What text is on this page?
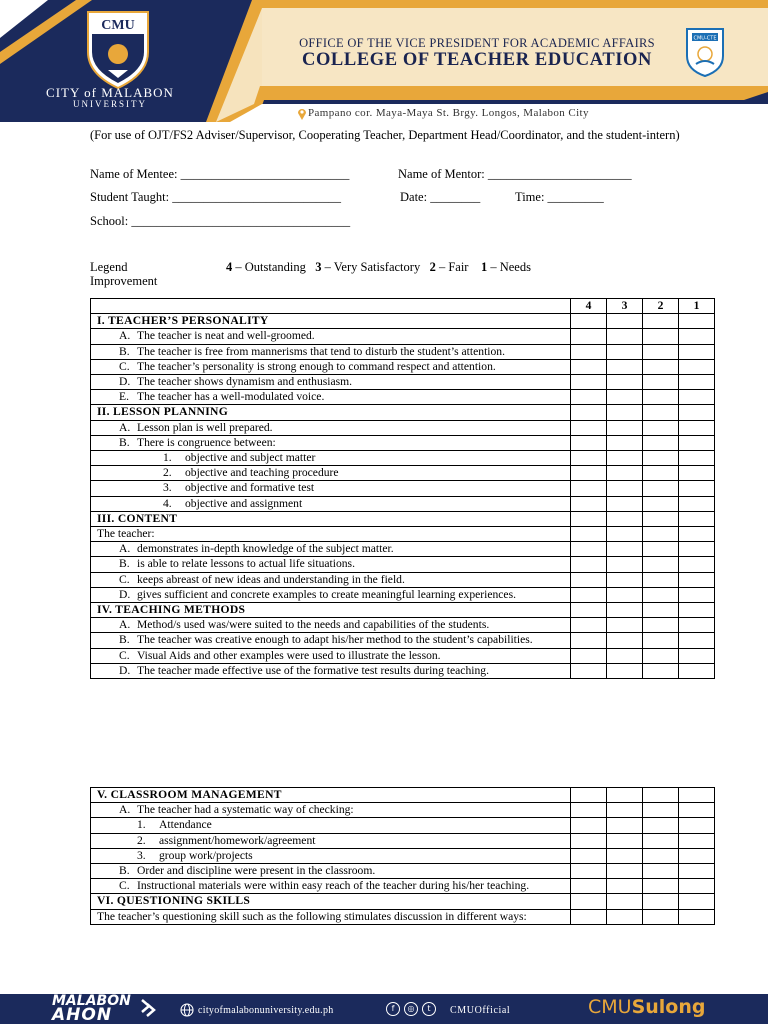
CMU
CITY of MALABON
UNIVERSITY
OFFICE OF THE VICE PRESIDENT FOR ACADEMIC AFFAIRS
COLLEGE OF TEACHER EDUCATION
CMU-CTE
Pampano cor. Maya-Maya St. Brgy. Longos, Malabon City
(For use of OJT/FS2 Adviser/Supervisor, Cooperating Teacher, Department Head/Coordinator, and the student-intern)
Name of Mentee: ___________________________	Name of Mentor: _______________________
Student Taught: ___________________________	Date: ________	Time: _________
School: ___________________________________
Legend
Improvement
4 – Outstanding 3 – Very Satisfactory 2 – Fair 1 – Needs
	4	3	2	1
I. TEACHER’S PERSONALITY				
A. The teacher is neat and well-groomed.				
B. The teacher is free from mannerisms that tend to disturb the student’s attention.				
C. The teacher’s personality is strong enough to command respect and attention.				
D. The teacher shows dynamism and enthusiasm.				
E. The teacher has a well-modulated voice.				
II. LESSON PLANNING				
A. Lesson plan is well prepared.				
B. There is congruence between:				
1. objective and subject matter				
2. objective and teaching procedure				
3. objective and formative test				
4. objective and assignment				
III. CONTENT				
The teacher:				
A. demonstrates in-depth knowledge of the subject matter.				
B. is able to relate lessons to actual life situations.				
C. keeps abreast of new ideas and understanding in the field.				
D. gives sufficient and concrete examples to create meaningful learning experiences.				
IV. TEACHING METHODS				
A. Method/s used was/were suited to the needs and capabilities of the students.				
B. The teacher was creative enough to adapt his/her method to the student’s capabilities.				
C. Visual Aids and other examples were used to illustrate the lesson.				
D. The teacher made effective use of the formative test results during teaching.				
V. CLASSROOM MANAGEMENT				
A. The teacher had a systematic way of checking:				
1. Attendance				
2. assignment/homework/agreement				
3. group work/projects				
B. Order and discipline were present in the classroom.				
C. Instructional materials were within easy reach of the teacher during his/her teaching.				
VI. QUESTIONING SKILLS				
The teacher’s questioning skill such as the following stimulates discussion in different ways:				
MALABON
AHON	cityofmalabonuniversity.edu.ph	f	◎	t	CMUOfficial	CMUSulong
